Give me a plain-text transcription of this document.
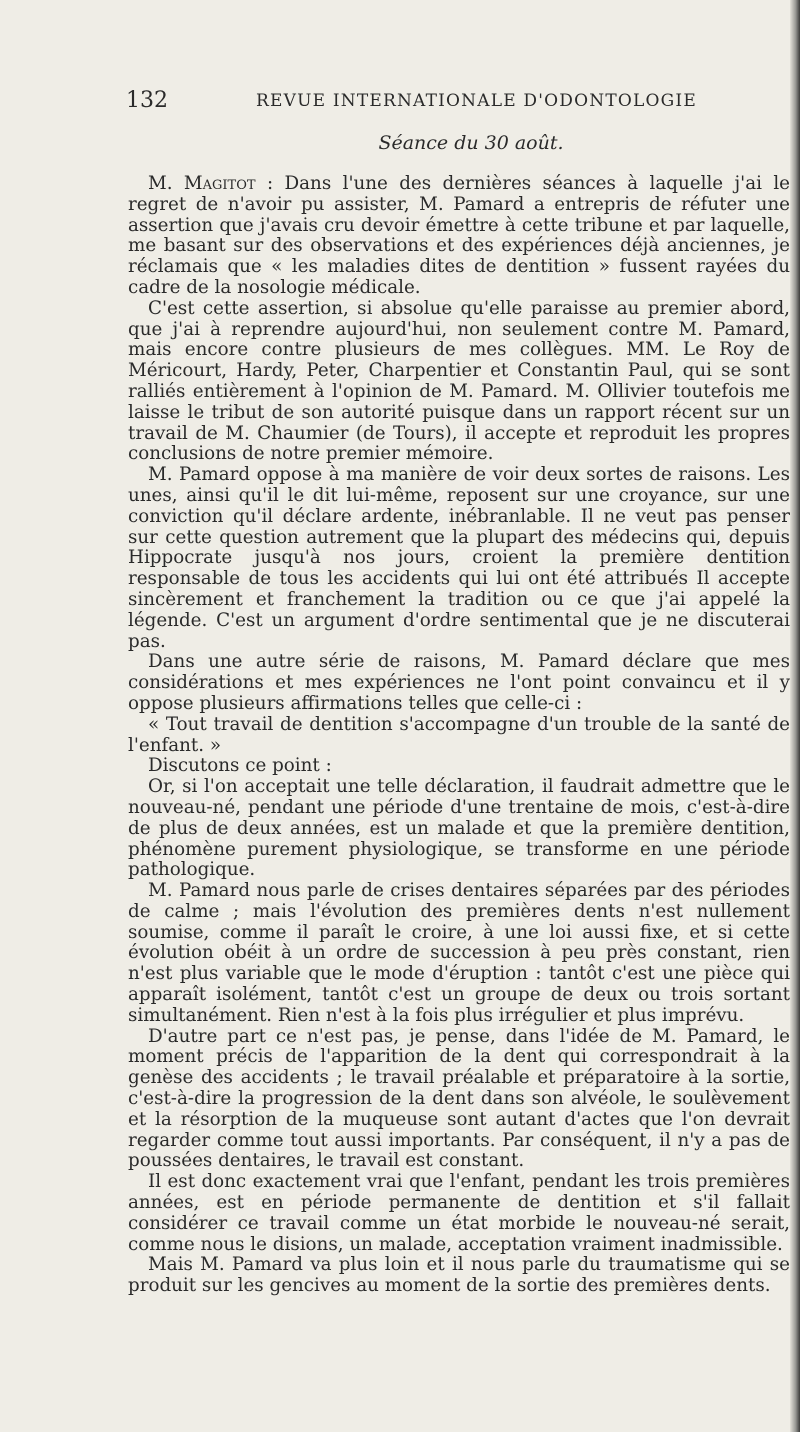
132	REVUE INTERNATIONALE D'ODONTOLOGIE
Séance du 30 août.

M. Magitot : Dans l'une des dernières séances à laquelle j'ai le regret de n'avoir pu assister, M. Pamard a entrepris de réfuter une assertion que j'avais cru devoir émettre à cette tribune et par laquelle, me basant sur des observations et des expériences déjà anciennes, je réclamais que « les maladies dites de dentition » fussent rayées du cadre de la nosologie médicale.

C'est cette assertion, si absolue qu'elle paraisse au premier abord, que j'ai à reprendre aujourd'hui, non seulement contre M. Pamard, mais encore contre plusieurs de mes collègues. MM. Le Roy de Méricourt, Hardy, Peter, Charpentier et Constantin Paul, qui se sont ralliés entièrement à l'opinion de M. Pamard. M. Ollivier toutefois me laisse le tribut de son autorité puisque dans un rapport récent sur un travail de M. Chaumier (de Tours), il accepte et reproduit les propres conclusions de notre premier mémoire.

M. Pamard oppose à ma manière de voir deux sortes de raisons. Les unes, ainsi qu'il le dit lui-même, reposent sur une croyance, sur une conviction qu'il déclare ardente, inébranlable. Il ne veut pas penser sur cette question autrement que la plupart des médecins qui, depuis Hippocrate jusqu'à nos jours, croient la première dentition responsable de tous les accidents qui lui ont été attribués Il accepte sincèrement et franchement la tradition ou ce que j'ai appelé la légende. C'est un argument d'ordre sentimental que je ne discuterai pas.

Dans une autre série de raisons, M. Pamard déclare que mes considérations et mes expériences ne l'ont point convaincu et il y oppose plusieurs affirmations telles que celle-ci :

« Tout travail de dentition s'accompagne d'un trouble de la santé de l'enfant. »

Discutons ce point :

Or, si l'on acceptait une telle déclaration, il faudrait admettre que le nouveau-né, pendant une période d'une trentaine de mois, c'est-à-dire de plus de deux années, est un malade et que la première dentition, phénomène purement physiologique, se transforme en une période pathologique.

M. Pamard nous parle de crises dentaires séparées par des périodes de calme ; mais l'évolution des premières dents n'est nullement soumise, comme il paraît le croire, à une loi aussi fixe, et si cette évolution obéit à un ordre de succession à peu près constant, rien n'est plus variable que le mode d'éruption : tantôt c'est une pièce qui apparaît isolément, tantôt c'est un groupe de deux ou trois sortant simultanément. Rien n'est à la fois plus irrégulier et plus imprévu.

D'autre part ce n'est pas, je pense, dans l'idée de M. Pamard, le moment précis de l'apparition de la dent qui correspondrait à la genèse des accidents ; le travail préalable et préparatoire à la sortie, c'est-à-dire la progression de la dent dans son alvéole, le soulèvement et la résorption de la muqueuse sont autant d'actes que l'on devrait regarder comme tout aussi importants. Par conséquent, il n'y a pas de poussées dentaires, le travail est constant.

Il est donc exactement vrai que l'enfant, pendant les trois premières années, est en période permanente de dentition et s'il fallait considérer ce travail comme un état morbide le nouveau-né serait, comme nous le disions, un malade, acceptation vraiment inadmissible.

Mais M. Pamard va plus loin et il nous parle du traumatisme qui se produit sur les gencives au moment de la sortie des premières dents.
